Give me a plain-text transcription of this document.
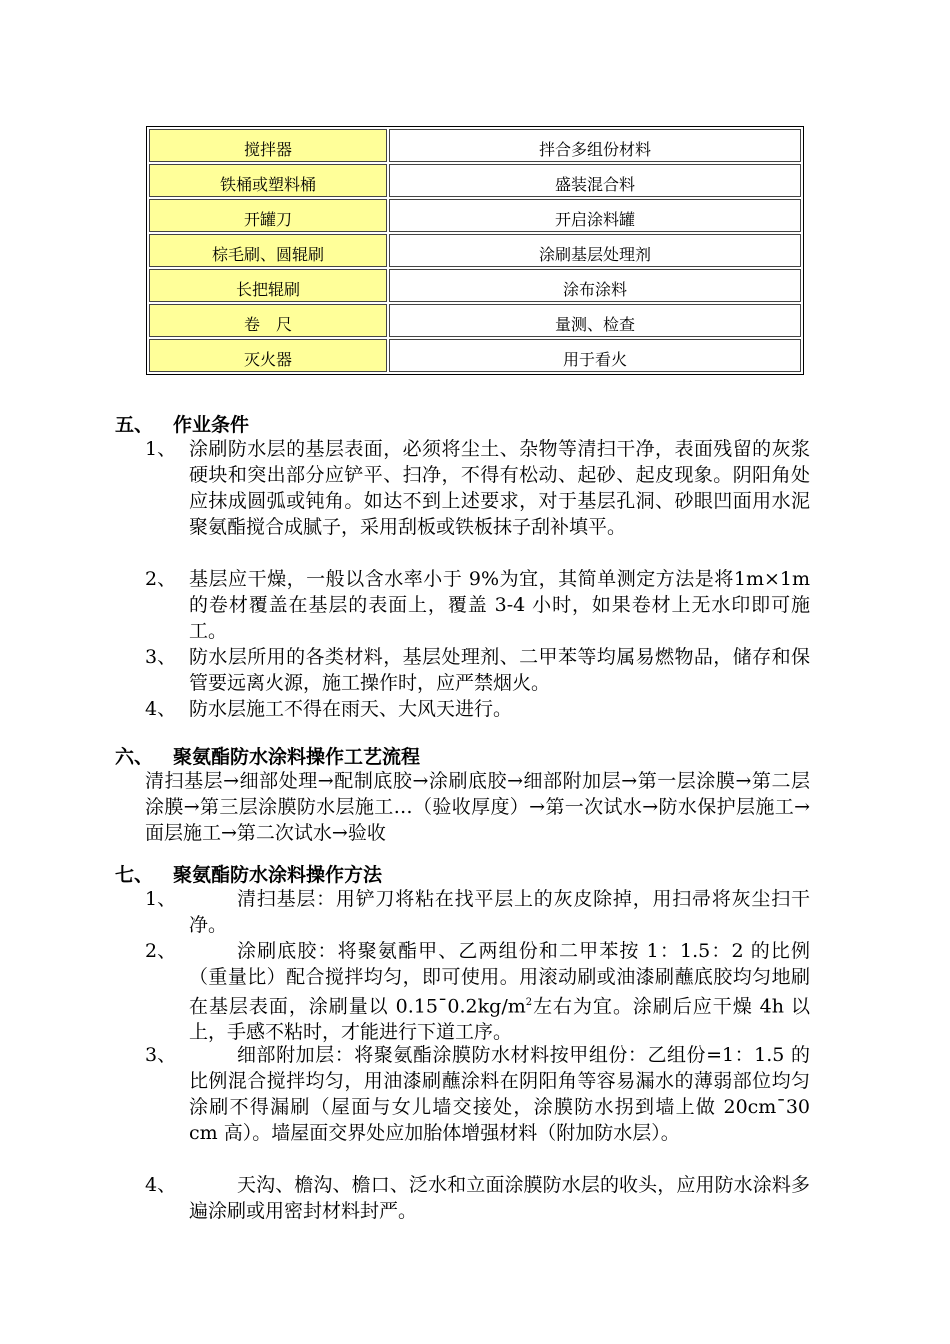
搅拌器	拌合多组份材料
铁桶或塑料桶	盛装混合料
开罐刀	开启涂料罐
棕毛刷、圆辊刷	涂刷基层处理剂
长把辊刷	涂布涂料
卷　尺	量测、检查
灭火器	用于看火
五、 作业条件
1、 涂刷防水层的基层表面，必须将尘土、杂物等清扫干净，表面残留的灰浆硬块和突出部分应铲平、扫净，不得有松动、起砂、起皮现象。阴阳角处应抹成圆弧或钝角。如达不到上述要求，对于基层孔洞、砂眼凹面用水泥聚氨酯搅合成腻子，采用刮板或铁板抹子刮补填平。
2、 基层应干燥，一般以含水率小于 9%为宜，其简单测定方法是将1m×1m的卷材覆盖在基层的表面上，覆盖 3-4 小时，如果卷材上无水印即可施工。
3、 防水层所用的各类材料，基层处理剂、二甲苯等均属易燃物品，储存和保管要远离火源，施工操作时，应严禁烟火。
4、 防水层施工不得在雨天、大风天进行。
六、 聚氨酯防水涂料操作工艺流程
清扫基层→细部处理→配制底胶→涂刷底胶→细部附加层→第一层涂膜→第二层涂膜→第三层涂膜防水层施工…（验收厚度）→第一次试水→防水保护层施工→面层施工→第二次试水→验收
七、 聚氨酯防水涂料操作方法
1、	清扫基层：用铲刀将粘在找平层上的灰皮除掉，用扫帚将灰尘扫干净。
2、	涂刷底胶：将聚氨酯甲、乙两组份和二甲苯按 1：1.5：2 的比例（重量比）配合搅拌均匀，即可使用。用滚动刷或油漆刷蘸底胶均匀地刷在基层表面，涂刷量以 $0.15¯0.2kg/m^2$左右为宜。涂刷后应干燥 4h 以上，手感不粘时，才能进行下道工序。
3、	细部附加层：将聚氨酯涂膜防水材料按甲组份：乙组份=1：1.5 的比例混合搅拌均匀，用油漆刷蘸涂料在阴阳角等容易漏水的薄弱部位均匀涂刷不得漏刷（屋面与女儿墙交接处，涂膜防水拐到墙上做 20cm¯30 cm 高）。墙屋面交界处应加胎体增强材料（附加防水层）。
4、	天沟、檐沟、檐口、泛水和立面涂膜防水层的收头，应用防水涂料多遍涂刷或用密封材料封严。
